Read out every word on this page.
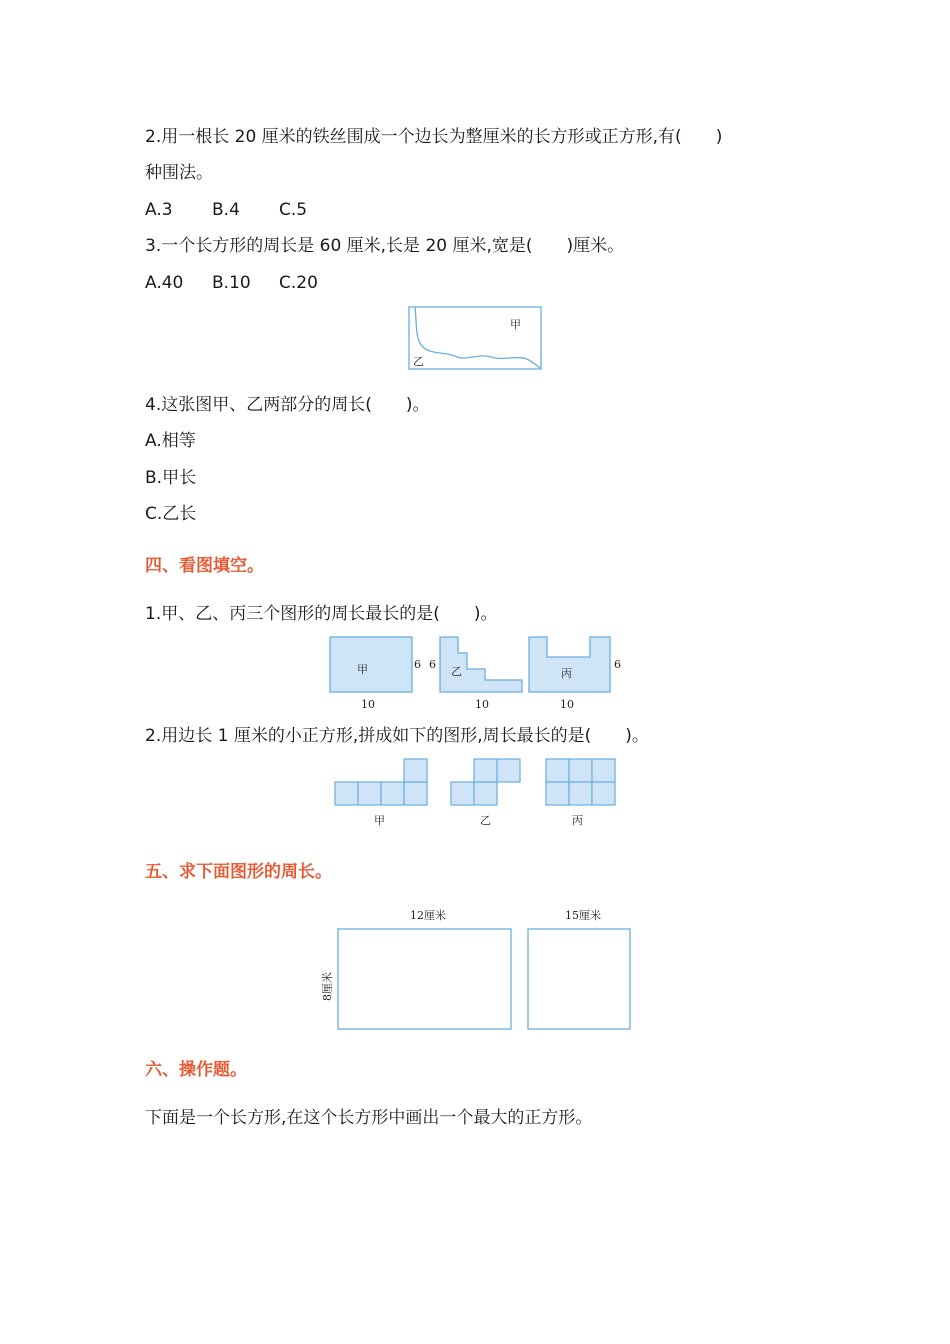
2.用一根长 20 厘米的铁丝围成一个边长为整厘米的长方形或正方形,有(　　)
种围法。
A.3 B.4 C.5
3.一个长方形的周长是 60 厘米,长是 20 厘米,宽是(　　)厘米。
A.40 B.10 C.20
甲
乙
4.这张图甲、乙两部分的周长(　　)。
A.相等
B.甲长
C.乙长
四、看图填空。
1.甲、乙、丙三个图形的周长最长的是(　　)。
甲	6
10
6
乙
10
丙
6
10
2.用边长 1 厘米的小正方形,拼成如下的图形,周长最长的是(　　)。
甲	乙	丙
五、求下面图形的周长。
12厘米
8厘米
15厘米
六、操作题。
下面是一个长方形,在这个长方形中画出一个最大的正方形。
